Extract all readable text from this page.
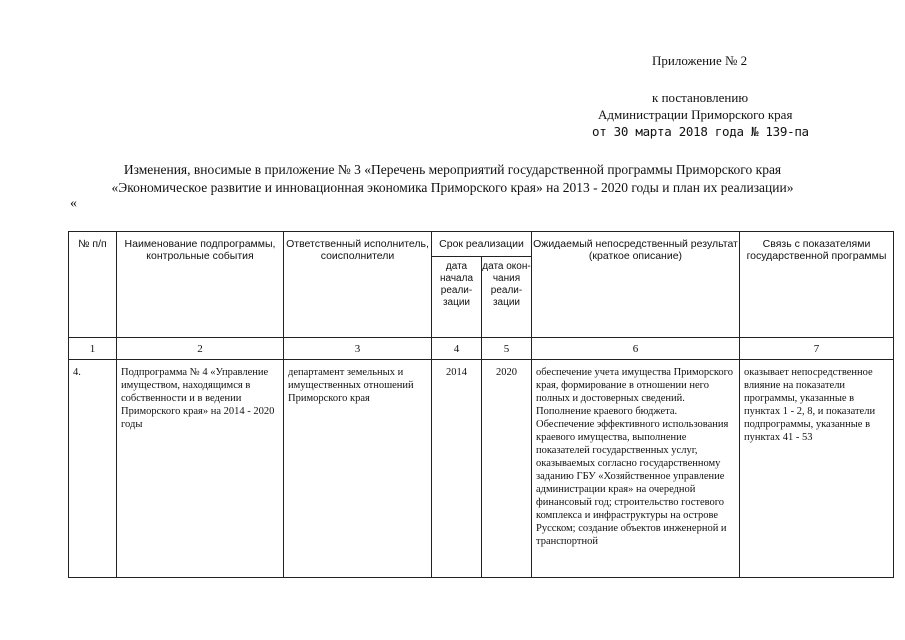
Приложение № 2
к постановлению
Администрации Приморского края
от 30 марта 2018 года № 139-па
Изменения, вносимые в приложение № 3 «Перечень мероприятий государственной программы Приморского края
«Экономическое развитие и инновационная экономика Приморского края» на 2013 - 2020 годы и план их реализации»
«
№ п/п	Наименование подпрограммы, контрольные события	Ответственный исполнитель, соисполнители	Срок реализации		Ожидаемый непосредственный результат (краткое описание)	Связь с показателями государственной программы
			дата начала реали-зации	дата окон-чания реали-зации		
1	2	3	4	5	6	7

4.	Подпрограмма № 4 «Управление имуществом, находящимся в собственности и в ведении Приморского края» на 2014 - 2020 годы	департамент земельных и имущественных отношений Приморского края	2014	2020	обеспечение учета имущества Приморского края, формирование в отношении него полных и достоверных сведений. Пополнение краевого бюджета. Обеспечение эффективного использования краевого имущества, выполнение показателей государственных услуг, оказываемых согласно государственному заданию ГБУ «Хозяйственное управление администрации края» на очередной финансовый год; строительство гостевого комплекса и инфраструктуры на острове Русском; создание объектов инженерной и транспортной	оказывает непосредственное влияние на показатели программы, указанные в пунктах 1 - 2, 8, и показатели подпрограммы, указанные в пунктах 41 - 53
